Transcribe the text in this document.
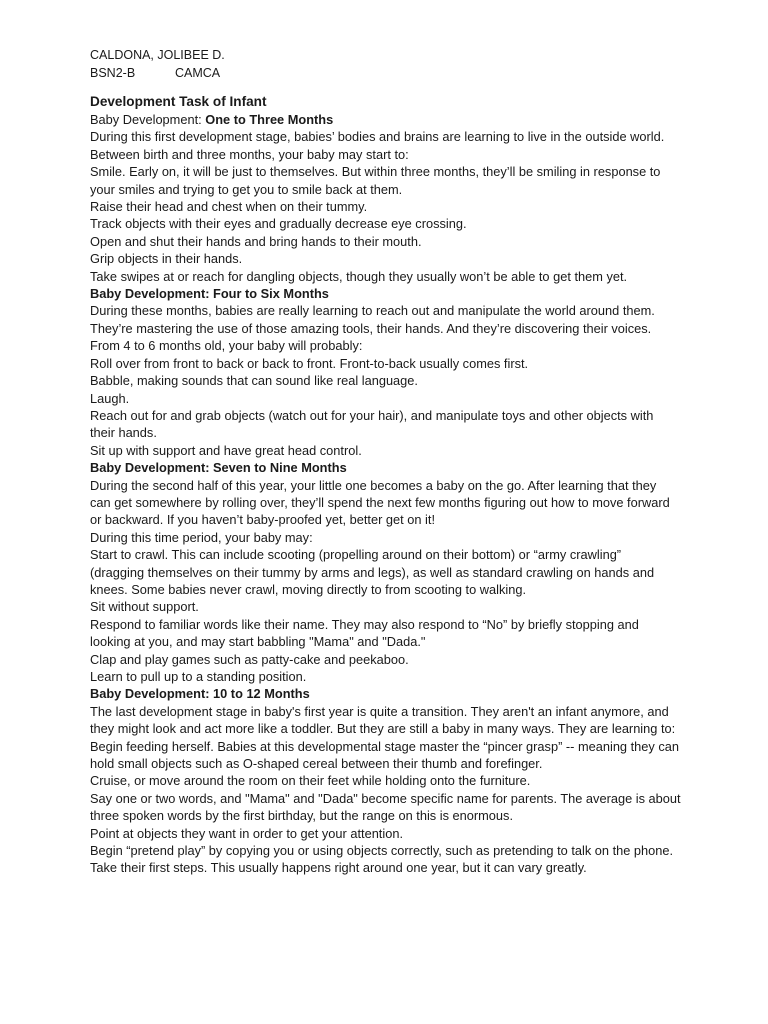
CALDONA, JOLIBEE D.
BSN2-B	CAMCA
Development Task of Infant
Baby Development: One to Three Months
During this first development stage, babies’ bodies and brains are learning to live in the outside world.
Between birth and three months, your baby may start to:
Smile. Early on, it will be just to themselves. But within three months, they’ll be smiling in response to
your smiles and trying to get you to smile back at them.
Raise their head and chest when on their tummy.
Track objects with their eyes and gradually decrease eye crossing.
Open and shut their hands and bring hands to their mouth.
Grip objects in their hands.
Take swipes at or reach for dangling objects, though they usually won’t be able to get them yet.
Baby Development: Four to Six Months
During these months, babies are really learning to reach out and manipulate the world around them.
They’re mastering the use of those amazing tools, their hands. And they’re discovering their voices.
From 4 to 6 months old, your baby will probably:
Roll over from front to back or back to front. Front-to-back usually comes first.
Babble, making sounds that can sound like real language.
Laugh.
Reach out for and grab objects (watch out for your hair), and manipulate toys and other objects with
their hands.
Sit up with support and have great head control.
Baby Development: Seven to Nine Months
During the second half of this year, your little one becomes a baby on the go. After learning that they
can get somewhere by rolling over, they’ll spend the next few months figuring out how to move forward
or backward. If you haven’t baby-proofed yet, better get on it!
During this time period, your baby may:
Start to crawl. This can include scooting (propelling around on their bottom) or “army crawling”
(dragging themselves on their tummy by arms and legs), as well as standard crawling on hands and
knees. Some babies never crawl, moving directly to from scooting to walking.
Sit without support.
Respond to familiar words like their name. They may also respond to “No” by briefly stopping and
looking at you, and may start babbling "Mama" and "Dada."
Clap and play games such as patty-cake and peekaboo.
Learn to pull up to a standing position.
Baby Development: 10 to 12 Months
The last development stage in baby's first year is quite a transition. They aren't an infant anymore, and
they might look and act more like a toddler. But they are still a baby in many ways. They are learning to:
Begin feeding herself. Babies at this developmental stage master the “pincer grasp” -- meaning they can
hold small objects such as O-shaped cereal between their thumb and forefinger.
Cruise, or move around the room on their feet while holding onto the furniture.
Say one or two words, and "Mama" and "Dada" become specific name for parents. The average is about
three spoken words by the first birthday, but the range on this is enormous.
Point at objects they want in order to get your attention.
Begin “pretend play” by copying you or using objects correctly, such as pretending to talk on the phone.
Take their first steps. This usually happens right around one year, but it can vary greatly.
